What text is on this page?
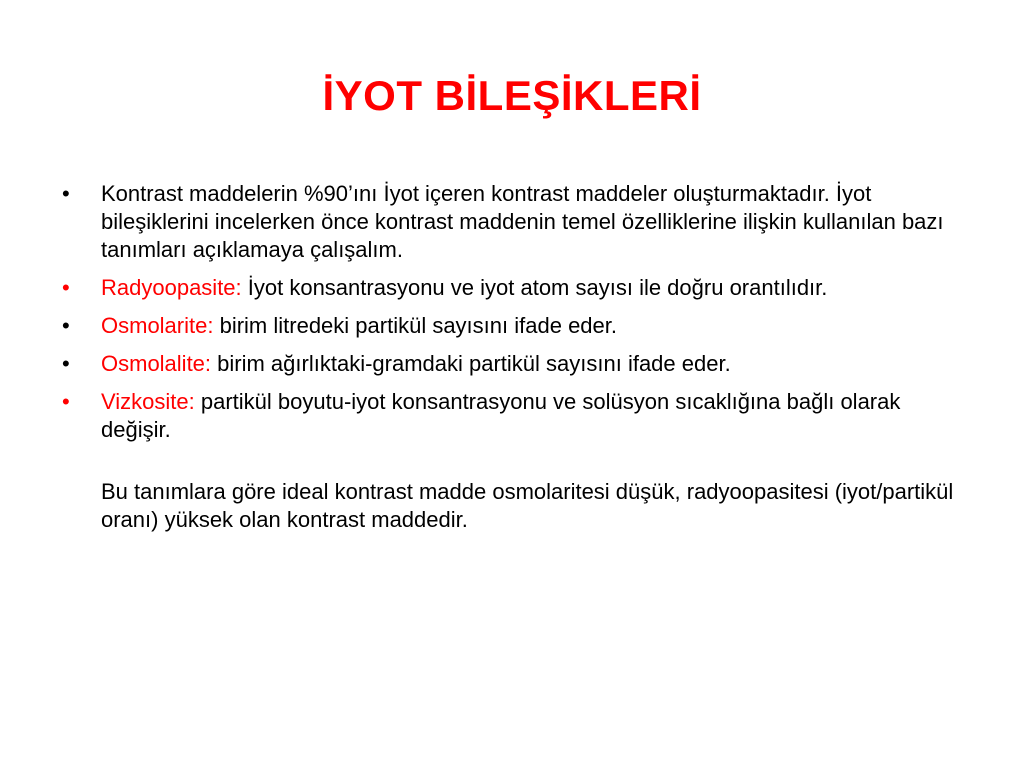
İYOT BİLEŞİKLERİ
•	Kontrast maddelerin %90’ını İyot içeren kontrast maddeler oluşturmaktadır. İyot bileşiklerini incelerken önce kontrast maddenin temel özelliklerine ilişkin kullanılan bazı tanımları açıklamaya çalışalım.
•	Radyoopasite: İyot konsantrasyonu ve iyot atom sayısı ile doğru orantılıdır.
•	Osmolarite: birim litredeki partikül sayısını ifade eder.
•	Osmolalite: birim ağırlıktaki-gramdaki partikül sayısını ifade eder.
•	Vizkosite: partikül boyutu-iyot konsantrasyonu ve solüsyon sıcaklığına bağlı olarak değişir.
Bu tanımlara göre ideal kontrast madde osmolaritesi düşük, radyoopasitesi (iyot/partikül oranı) yüksek olan kontrast maddedir.
